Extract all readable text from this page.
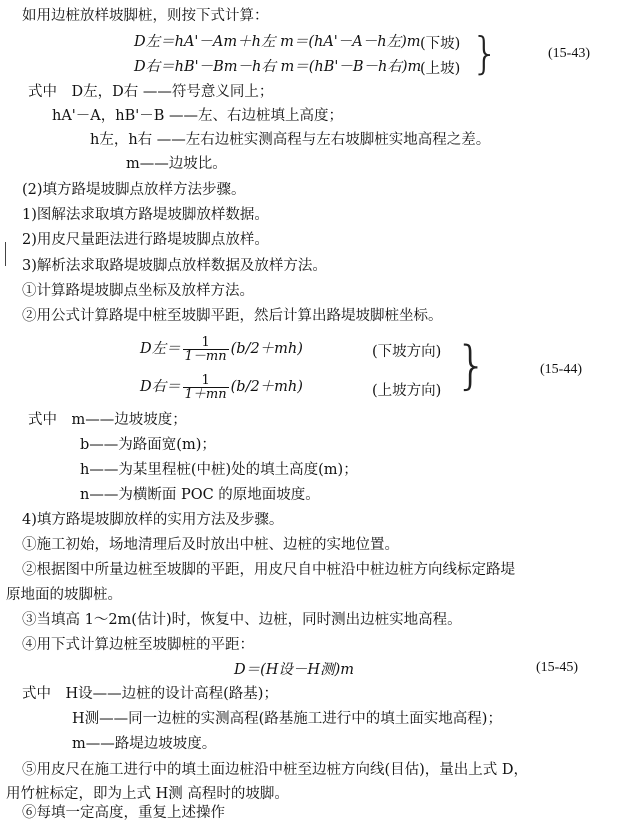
如用边桩放样坡脚桩，则按下式计算：
D左＝hA'－Am＋h左 m＝(hA'－A－h左)m (下坡)
D右＝hB'－Bm－h右 m＝(hB'－B－h右)m
(上坡) }	(15-43)
式中　D左，D右 ——符号意义同上；
hA'－A，hB'－B ——左、右边桩填上高度；
h左，h右 ——左右边桩实测高程与左右坡脚桩实地高程之差。
m——边坡比。
(2)填方路堤坡脚点放样方法步骤。
1)图解法求取填方路堤坡脚放样数据。
2)用皮尺量距法进行路堤坡脚点放样。
3)解析法求取路堤坡脚点放样数据及放样方法。
①计算路堤坡脚点坐标及放样方法。
②用公式计算路堤中桩至坡脚平距，然后计算出路堤坡脚桩坐标。
D左＝ $\frac{1}{1-mn} (b/2+mh)$	(下坡方向)
D右＝ $\frac{1}{1+mn} (b/2+mh)$	(上坡方向) }	(15-44)
式中　m——边坡坡度；
b——为路面宽(m)；
h——为某里程桩(中桩)处的填土高度(m)；
n——为横断面 POC 的原地面坡度。
4)填方路堤坡脚放样的实用方法及步骤。
①施工初始，场地清理后及时放出中桩、边桩的实地位置。
②根据图中所量边桩至坡脚的平距，用皮尺自中桩沿中桩边桩方向线标定路堤
原地面的坡脚桩。
③当填高 1～2m(估计)时，恢复中、边桩，同时测出边桩实地高程。
④用下式计算边桩至坡脚桩的平距：
D＝(H设－H测)m	(15-45)
式中　H设——边桩的设计高程(路基)；
H测——同一边桩的实测高程(路基施工进行中的填土面实地高程)；
m——路堤边坡坡度。
⑤用皮尺在施工进行中的填土面边桩沿中桩至边桩方向线(目估)，量出上式 D，
用竹桩标定，即为上式 H测 高程时的坡脚。
⑥每填一定高度，重复上述操作
